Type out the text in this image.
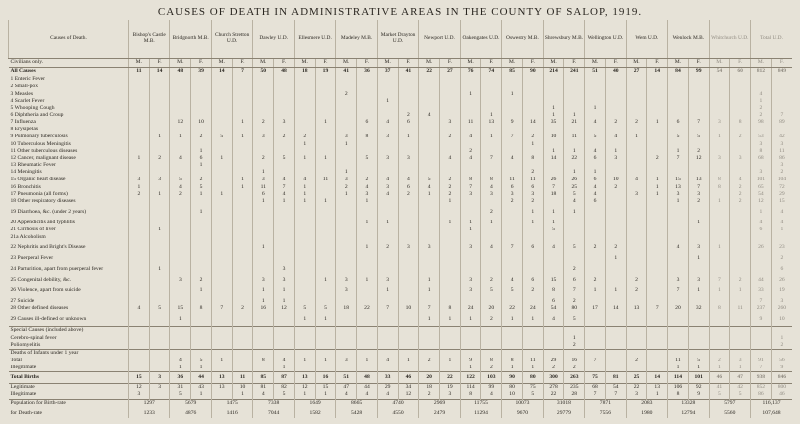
CAUSES OF DEATH IN ADMINISTRATIVE AREAS IN THE COUNTY OF SALOP, 1919.
Causes of Death.	Bishop's Castle M.B.		Bridgnorth M.B.		Church Stretton U.D.		Dawley U.D.		Ellesmere U.D.		Madeley M.B.		Market Drayton U.D.		Newport U.D.		Oakengates U.D.		Oswestry M.B.		Shrewsbury M.B.		Wellington U.D.		Wem U.D.		Wenlock M.B.		Whitchurch U.D.		Total U.D.	
Civilians only.	M.	F.	M.	F.	M.	F.	M.	F.	M.	F.	M.	F.	M.	F.	M.	F.	M.	F.	M.	F.	M.	F.	M.	F.	M.	F.	M.	F.	M.	F.	M.	F.
All Causes	11	14	48	39	14	7	50	48	18	19	41	36	37	41	22	27	76	74	85	90	214	241	51	40	27	14	84	99	54	60	812	849
1 Enteric Fever																																
2 Small-pox																																
3 Measles											2						1		1												4	
4 Scarlet Fever													1																		1	
5 Whooping Cough																					1		1								2	
6 Diphtheria and Croup														2	4			1			1	1									2	7
7 Influenza			12	10		1	2	3		1		6	4	6		3	11	13	9	14	35	21	4	2	2	1	6	7	3	8	98	89
8 Erysipelas																																
9 Pulmonary tuberculosis		1	1	2	5	1	3	2	2		3	8	3	1		2	4	1	7	2	10	11	5	4	1		5	5	1	2	53	42
10 Tuberculous Meningitis									1		1									1											3	3
11 Other tuberculous diseases				1													2				1	1	4	1			1	2			8	11
12 Cancer, malignant disease	1	2	4	6	1		2	5	1	1		5	3	3		4	4	7	4	8	14	22	6	3		2	7	12	3	3	68	86
13 Rheumatic Fever				1																												3
14 Meningitis							1				1									2		1	1								3	2
15 Organic heart disease	3	3	5	2		1	3	4	4	11	3	2	4	4	5	2	8	8	11	11	26	26	6	10	4	1	15	13	8	4	101	104
16 Bronchitis	1		4	5		1	11	7	1		2	4	3	6	4	2	7	4	6	6	7	25	4	2		1	13	7	8	2	65	72
17 Pneumonia (all forms)	2	1	2	1	1		6	4	1		1	3	4	2	1	2	3	3	3	3	18	5	4		3	1	3	3		2	54	29
18 Other respiratory diseases							1	1	1	1		1				1			2	2		4	6				1	2	1	2	12	15
19 Diarrhoea, &c. (under 2 years)				1														2		1	1	1									1	4
20 Appendicitis and typhlitis												1	1			1	1	1		1	1							1			4	4
21 Cirrhosis of liver		1															1				5										6	1
21a Alcoholism																																
22 Nephritis and Bright's Disease							1					1	2	3	3		3	4	7	6	4	5	2	2			4	3	1		26	23
23 Puerperal Fever																								1				1				2
24 Parturition, apart from puerperal fever		1						3														2										6
25 Congenital debility, &c.			3	2			3	3		1	3	1	3		1		3	2	4	6	15	6	2		2		3	3	7	2	44	26
26 Violence, apart from suicide				1			1	1			3		1		1		3	5	5	2	8	7	1	1	2		7	1	1	1	33	19
27 Suicide							1	1													6	2									7	3
28 Other defined diseases	4	5	15	8	7	2	16	12	5	5	18	22	7	10	7	8	24	20	22	24	54	80	17	14	13	7	20	32	8	11	237	260
29 Causes ill-defined or unknown			1						1	1					1	1	1	2	1	1	4	5									9	10
Special Causes (included above)																																
Cerebro-spinal fever																						1										1
Poliomyelitis																						2										2
Deaths of Infants under 1 year																																
Total			4	5	1		8	4	1	1	3	1	4	1	2	1	9	8	8	11	29	16	7		2		11	5	2	3	91	56
Illegitimate			1	1				1									1	2	1	1	2	2					1	1	1	1	7	9
Total Births	15	3	36	44	13	11	85	87	13	16	51	48	33	46	20	22	122	103	90	80	300	263	75	81	25	14	114	101	46	47	938	846
Legitimate	12	3	31	43	13	10	81	82	12	15	47	44	29	34	18	19	114	99	80	75	278	235	68	54	22	13	106	92	41	42	852	800
Illegitimate	3		5	1		1	4	5	1	1	4	4	4	12	2	3	8	4	10	5	22	28	7	7	3	1	8	9	5	5	86	46
Population for Birth-rate	1297		5679		1475		7338		1649		8665		4740		2969		11755		10073		31018		7871		2083		13328		5797		116,137	
for Death-rate	1233		4876		1416		7044		1582		5428		4550		2479		11294		9670		29779		7556		1980		12794		5560		107,648	
